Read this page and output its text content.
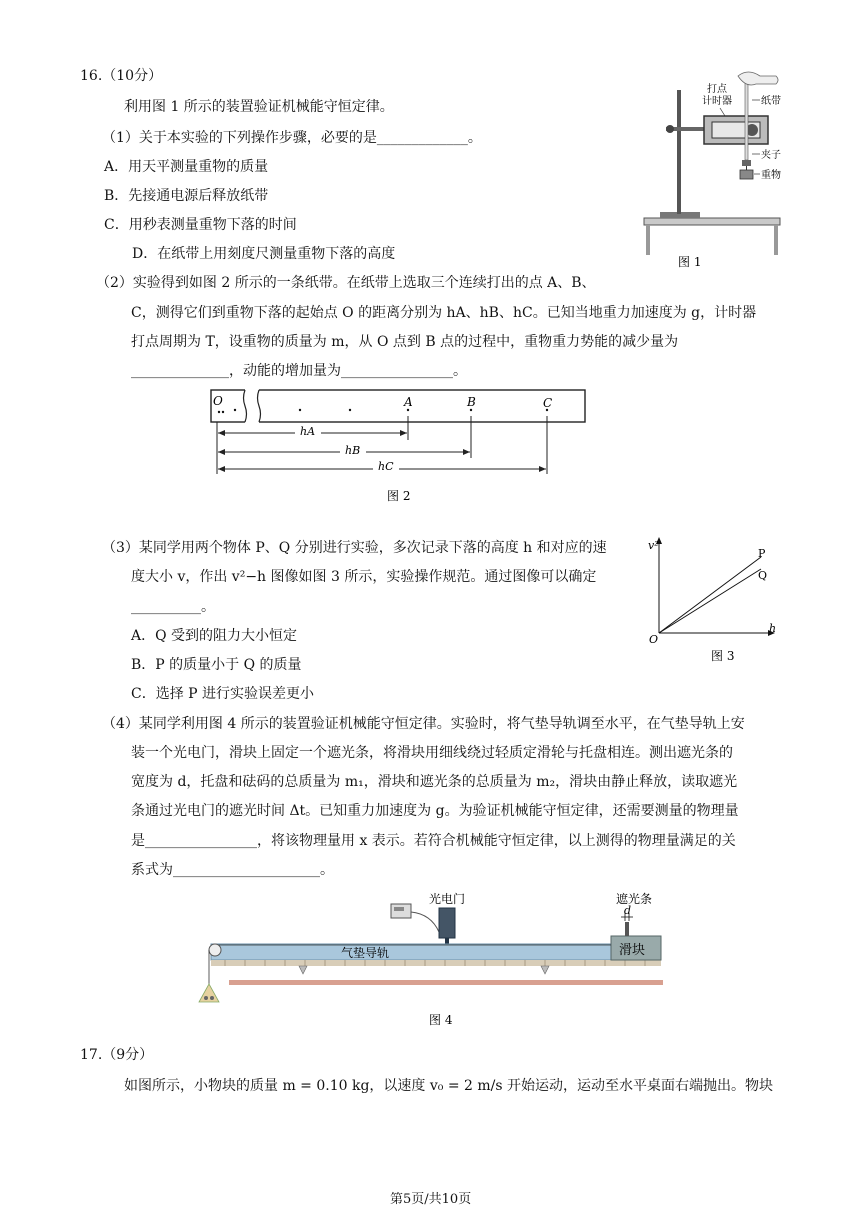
16.（10分）
利用图 1 所示的装置验证机械能守恒定律。
（1）关于本实验的下列操作步骤，必要的是_____________。
A．用天平测量重物的质量
B．先接通电源后释放纸带
C．用秒表测量重物下落的时间
D．在纸带上用刻度尺测量重物下落的高度
打点
计时器	纸带
夹子
重物
图 1
（2）实验得到如图 2 所示的一条纸带。在纸带上选取三个连续打出的点 A、B、
C，测得它们到重物下落的起始点 O 的距离分别为 hA、hB、hC。已知当地重力加速度为 g，计时器
打点周期为 T，设重物的质量为 m，从 O 点到 B 点的过程中，重物重力势能的减少量为
______________，动能的增加量为________________。
O	A	B	C
hA
hB
hC
图 2
（3）某同学用两个物体 P、Q 分别进行实验，多次记录下落的高度 h 和对应的速
度大小 v，作出 v²−h 图像如图 3 所示，实验操作规范。通过图像可以确定
__________。
A．Q 受到的阻力大小恒定
B．P 的质量小于 Q 的质量
C．选择 P 进行实验误差更小
v²
h
O
P
Q
图 3
（4）某同学利用图 4 所示的装置验证机械能守恒定律。实验时，将气垫导轨调至水平，在气垫导轨上安
装一个光电门，滑块上固定一个遮光条，将滑块用细线绕过轻质定滑轮与托盘相连。测出遮光条的
宽度为 d，托盘和砝码的总质量为 m₁，滑块和遮光条的总质量为 m₂，滑块由静止释放，读取遮光
条通过光电门的遮光时间 Δt。已知重力加速度为 g。为验证机械能守恒定律，还需要测量的物理量
是________________，将该物理量用 x 表示。若符合机械能守恒定律，以上测得的物理量满足的关
系式为_____________________。
光电门	遮光条
d
滑块
气垫导轨
图 4
17.（9分）
如图所示，小物块的质量 m = 0.10 kg，以速度 v₀ = 2 m/s 开始运动，运动至水平桌面右端抛出。物块
第5页/共10页
